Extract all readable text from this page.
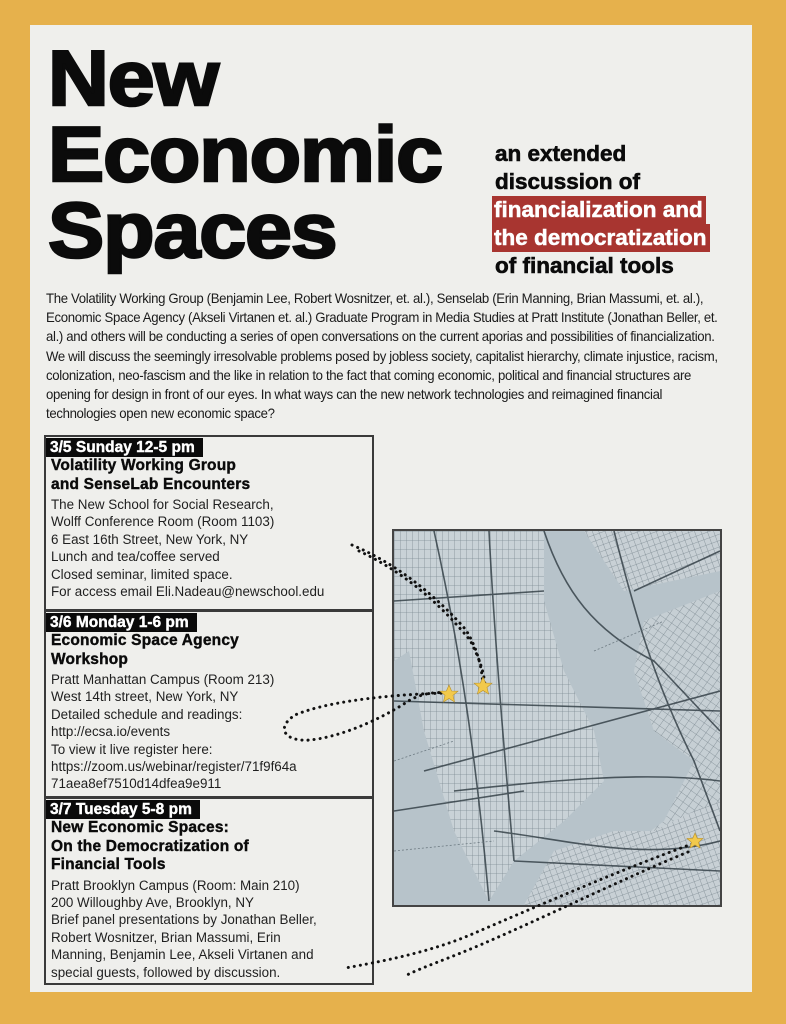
New
Economic
Spaces
an extended
discussion of
financialization and
the democratization
of financial tools
The Volatility Working Group (Benjamin Lee, Robert Wosnitzer, et. al.), Senselab (Erin Manning, Brian Massumi, et. al.), Economic Space Agency (Akseli Virtanen et. al.) Graduate Program in Media Studies at Pratt Institute (Jonathan Beller, et. al.) and others will be conducting a series of open conversations on the current aporias and possibilities of financialization. We will discuss the seemingly irresolvable problems posed by jobless society, capitalist hierarchy, climate injustice, racism, colonization, neo-fascism and the like in relation to the fact that coming economic, political and financial structures are opening for design in front of our eyes. In what ways can the new network technologies and reimagined financial technologies open new economic space?
3/5 Sunday 12-5 pm
Volatility Working Group
and SenseLab Encounters
The New School for Social Research,
Wolff Conference Room (Room 1103)
6 East 16th Street, New York, NY
Lunch and tea/coffee served
Closed seminar, limited space.
For access email Eli.Nadeau@newschool.edu
3/6 Monday 1-6 pm
Economic Space Agency
Workshop
Pratt Manhattan Campus (Room 213)
West 14th street, New York, NY
Detailed schedule and readings:
http://ecsa.io/events
To view it live register here:
https://zoom.us/webinar/register/71f9f64a
71aea8ef7510d14dfea9e911
3/7 Tuesday 5-8 pm
New Economic Spaces:
On the Democratization of
Financial Tools
Pratt Brooklyn Campus (Room: Main 210)
200 Willoughby Ave, Brooklyn, NY
Brief panel presentations by Jonathan Beller,
Robert Wosnitzer, Brian Massumi, Erin
Manning, Benjamin Lee, Akseli Virtanen and
special guests, followed by discussion.
